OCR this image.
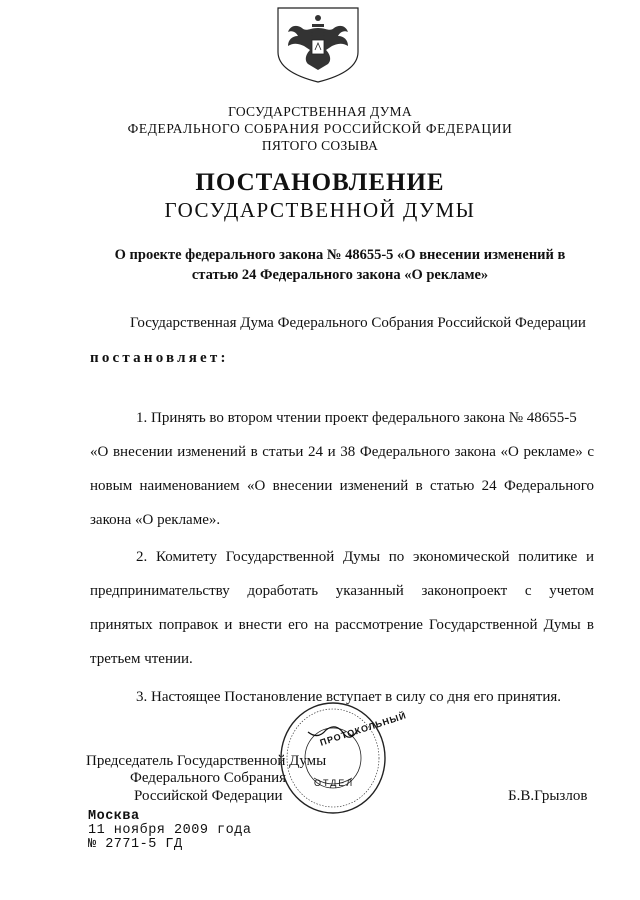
ГОСУДАРСТВЕННАЯ ДУМА
ФЕДЕРАЛЬНОГО СОБРАНИЯ РОССИЙСКОЙ ФЕДЕРАЦИИ
ПЯТОГО СОЗЫВА
ПОСТАНОВЛЕНИЕ
ГОСУДАРСТВЕННОЙ ДУМЫ
О проекте федерального закона № 48655-5 «О внесении изменений в
статью 24 Федерального закона «О рекламе»
Государственная Дума Федерального Собрания Российской Федерации
постановляет:
1. Принять во втором чтении проект федерального закона № 48655-5
«О внесении изменений в статьи 24 и 38 Федерального закона «О рекламе» с
новым наименованием «О внесении изменений в статью 24 Федерального
закона «О рекламе».
2. Комитету Государственной Думы по экономической политике и
предпринимательству доработать указанный законопроект с учетом
принятых поправок и внести его на рассмотрение Государственной Думы в
третьем чтении.
3. Настоящее Постановление вступает в силу со дня его принятия.
Председатель Государственной Думы
Федерального Собрания
Российской Федерации	Б.В.Грызлов
ПРОТОКОЛЬНЫЙ
ОТДЕЛ
Москва
11 ноября 2009 года
№ 2771-5 ГД
